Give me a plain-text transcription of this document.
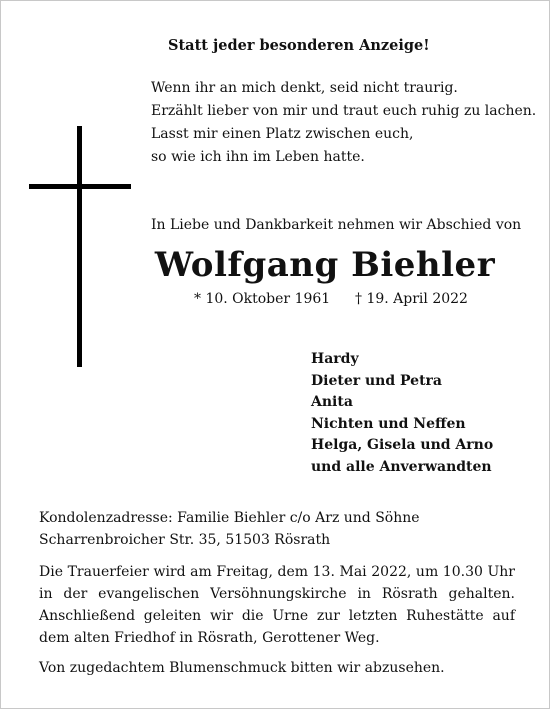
Statt jeder besonderen Anzeige!
Wenn ihr an mich denkt, seid nicht traurig.
Erzählt lieber von mir und traut euch ruhig zu lachen.
Lasst mir einen Platz zwischen euch,
so wie ich ihn im Leben hatte.
In Liebe und Dankbarkeit nehmen wir Abschied von
Wolfgang Biehler
* 10. Oktober 1961 † 19. April 2022
Hardy
Dieter und Petra
Anita
Nichten und Neffen
Helga, Gisela und Arno
und alle Anverwandten
Kondolenzadresse: Familie Biehler c/o Arz und Söhne
Scharrenbroicher Str. 35, 51503 Rösrath
Die Trauerfeier wird am Freitag, dem 13. Mai 2022, um 10.30 Uhr in der evangelischen Versöhnungskirche in Rösrath gehalten. Anschließend geleiten wir die Urne zur letzten Ruhestätte auf dem alten Friedhof in Rösrath, Gerottener Weg.
Von zugedachtem Blumenschmuck bitten wir abzusehen.
